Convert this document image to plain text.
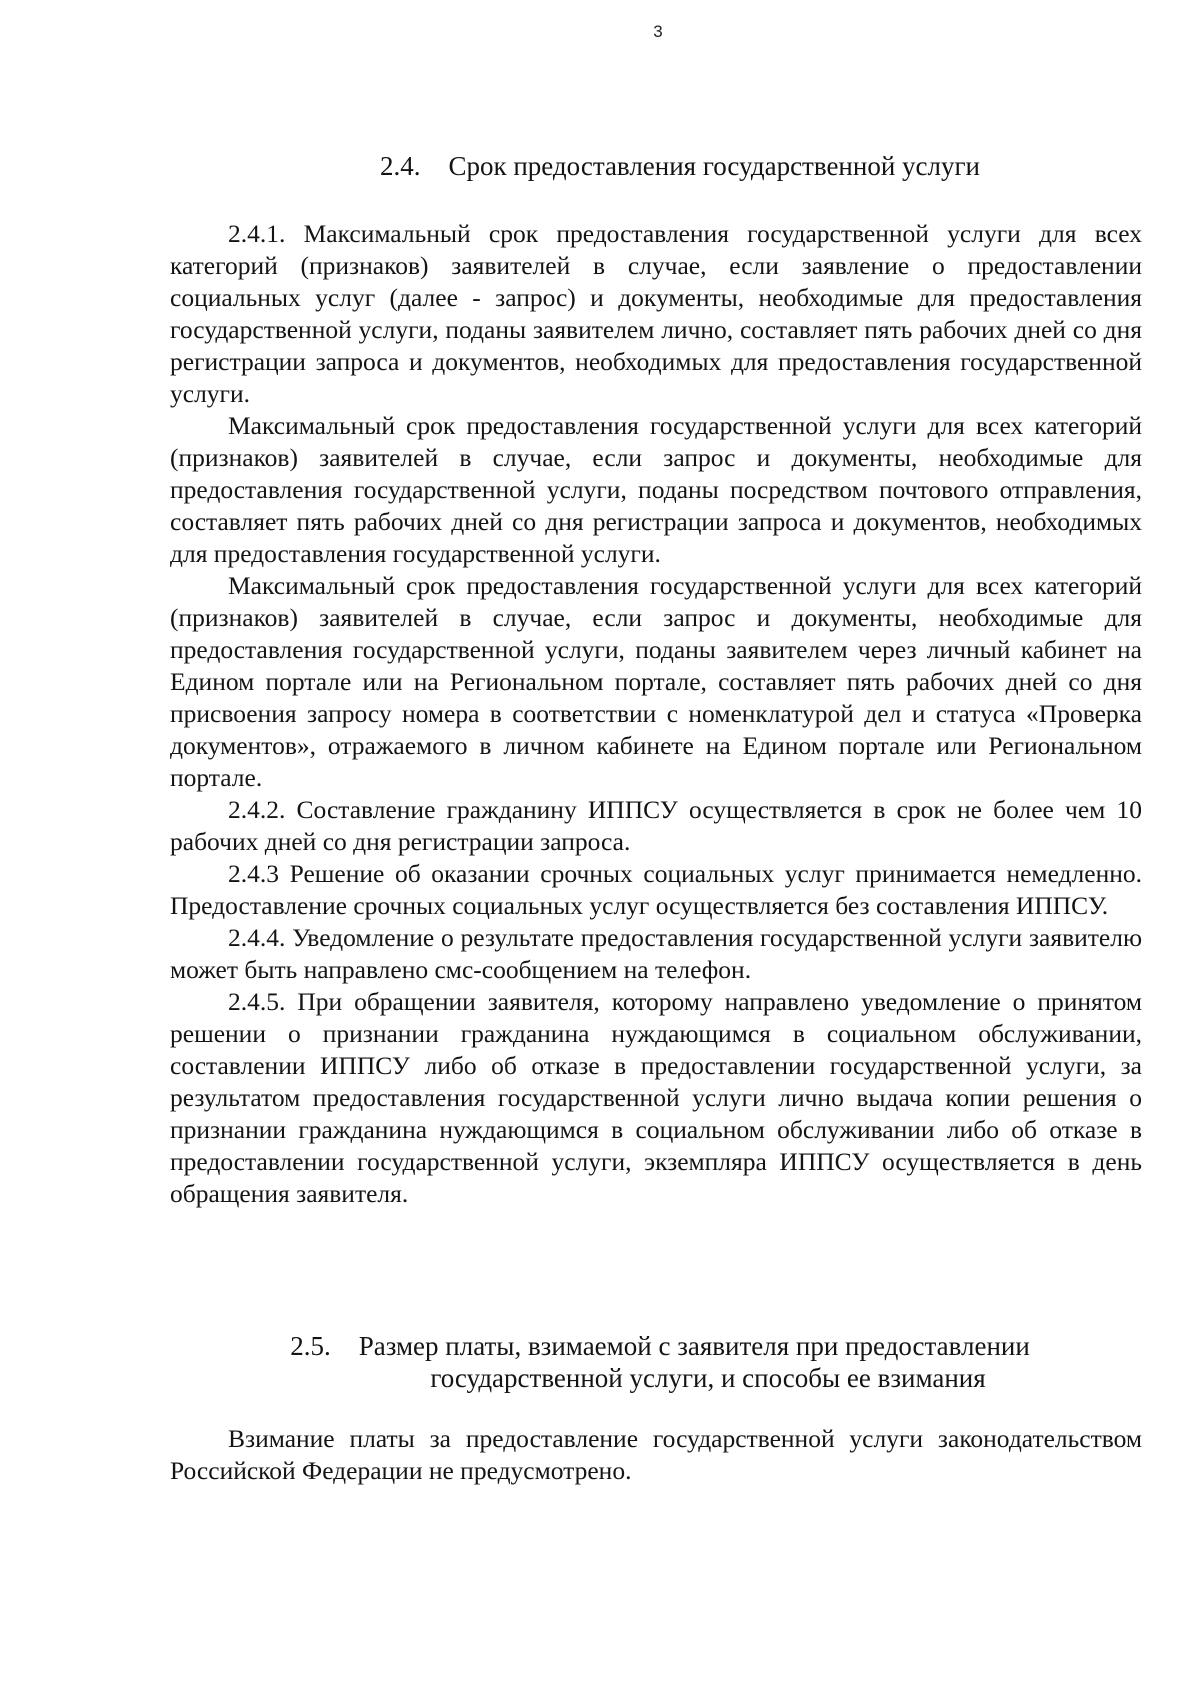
3
2.4. Срок предоставления государственной услуги

2.4.1. Максимальный срок предоставления государственной услуги для всех категорий (признаков) заявителей в случае, если заявление о предоставлении социальных услуг (далее - запрос) и документы, необходимые для предоставления государственной услуги, поданы заявителем лично, составляет пять рабочих дней со дня регистрации запроса и документов, необходимых для предоставления государственной услуги.

Максимальный срок предоставления государственной услуги для всех категорий (признаков) заявителей в случае, если запрос и документы, необходимые для предоставления государственной услуги, поданы посредством почтового отправления, составляет пять рабочих дней со дня регистрации запроса и документов, необходимых для предоставления государственной услуги.

Максимальный срок предоставления государственной услуги для всех категорий (признаков) заявителей в случае, если запрос и документы, необходимые для предоставления государственной услуги, поданы заявителем через личный кабинет на Едином портале или на Региональном портале, составляет пять рабочих дней со дня присвоения запросу номера в соответствии с номенклатурой дел и статуса «Проверка документов», отражаемого в личном кабинете на Едином портале или Региональном портале.

2.4.2. Составление гражданину ИППСУ осуществляется в срок не более чем 10 рабочих дней со дня регистрации запроса.

2.4.3 Решение об оказании срочных социальных услуг принимается немедленно. Предоставление срочных социальных услуг осуществляется без составления ИППСУ.

2.4.4. Уведомление о результате предоставления государственной услуги заявителю может быть направлено смс-сообщением на телефон.

2.4.5. При обращении заявителя, которому направлено уведомление о принятом решении о признании гражданина нуждающимся в социальном обслуживании, составлении ИППСУ либо об отказе в предоставлении государственной услуги, за результатом предоставления государственной услуги лично выдача копии решения о признании гражданина нуждающимся в социальном обслуживании либо об отказе в предоставлении государственной услуги, экземпляра ИППСУ осуществляется в день обращения заявителя.

2.5. Размер платы, взимаемой с заявителя при предоставлении
государственной услуги, и способы ее взимания

Взимание платы за предоставление государственной услуги законодательством Российской Федерации не предусмотрено.
